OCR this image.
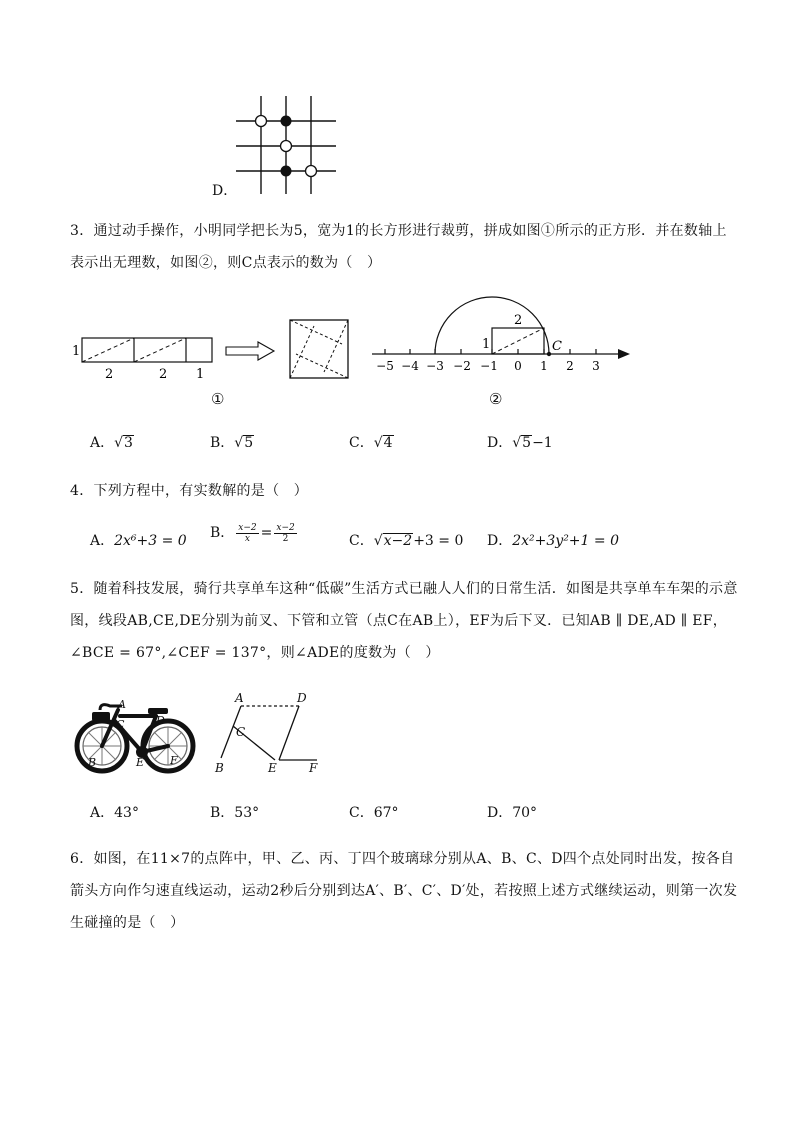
D．
3．通过动手操作，小明同学把长为5，宽为1的长方形进行裁剪，拼成如图①所示的正方形．并在数轴上
表示出无理数，如图②，则C点表示的数为（　）
1
2	2 1
2
1	C
−5 −4 −3 −2 −1 0 1 2 3
①	②
A．√3	B．√5	C．√4	D．√5−1
4．下列方程中，有实数解的是（　）
A．2x⁶+3 = 0 B． $\frac{x-2}{x} = \frac{x-2}{2}$	C．√x−2+3 = 0 D．2x²+3y²+1 = 0
5．随着科技发展，骑行共享单车这种“低碳”生活方式已融人人们的日常生活．如图是共享单车车架的示意
图，线段AB,CE,DE分别为前叉、下管和立管（点C在AB上），EF为后下叉．已知AB ∥ DE,AD ∥ EF，
∠BCE = 67°,∠CEF = 137°，则∠ADE的度数为（　）
A
B
C	D
E F
A
B
C
D
E	F
A．43°	B．53°	C．67°	D．70°
6．如图，在11×7的点阵中，甲、乙、丙、丁四个玻璃球分别从A、B、C、D四个点处同时出发，按各自
箭头方向作匀速直线运动，运动2秒后分别到达A′、B′、C′、D′处，若按照上述方式继续运动，则第一次发
生碰撞的是（　）
